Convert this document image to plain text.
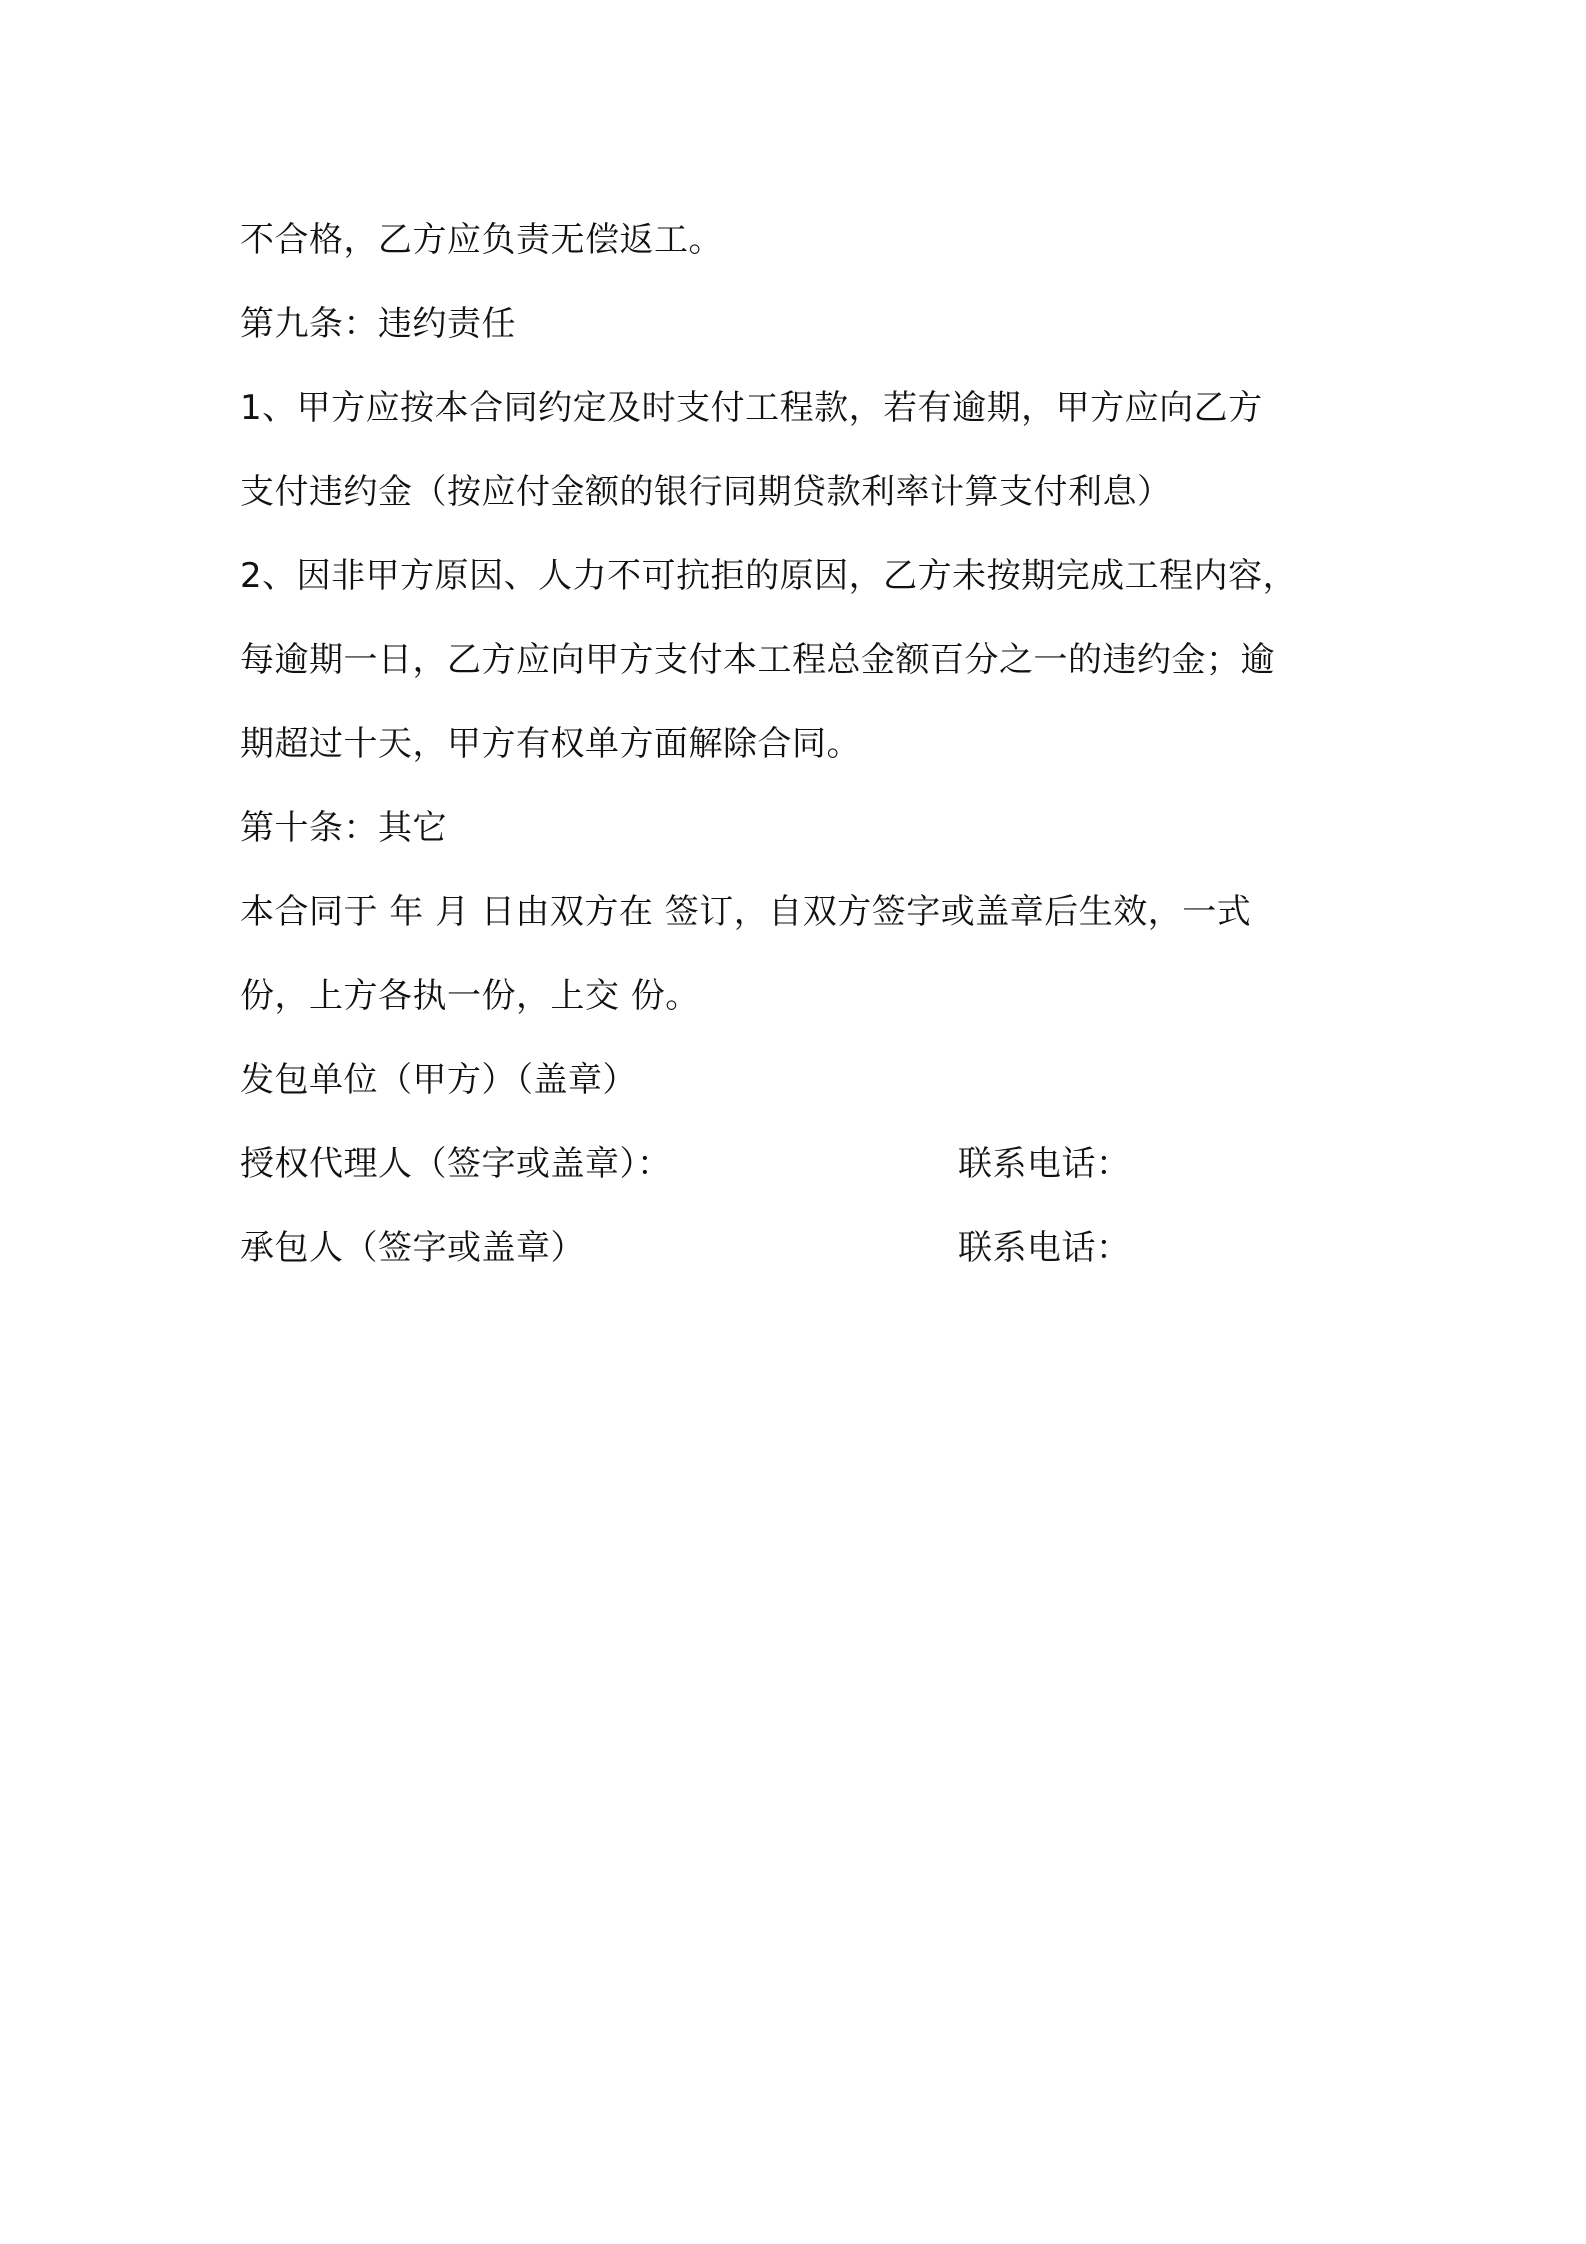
不合格，乙方应负责无偿返工。
第九条：违约责任
1、甲方应按本合同约定及时支付工程款，若有逾期，甲方应向乙方
支付违约金（按应付金额的银行同期贷款利率计算支付利息）
2、因非甲方原因、人力不可抗拒的原因，乙方未按期完成工程内容，
每逾期一日，乙方应向甲方支付本工程总金额百分之一的违约金；逾
期超过十天，甲方有权单方面解除合同。
第十条：其它
本合同于 年 月 日由双方在 签订，自双方签字或盖章后生效，一式
份，上方各执一份，上交 份。
发包单位（甲方）（盖章）
授权代理人（签字或盖章）：	联系电话：
承包人（签字或盖章）	联系电话：
